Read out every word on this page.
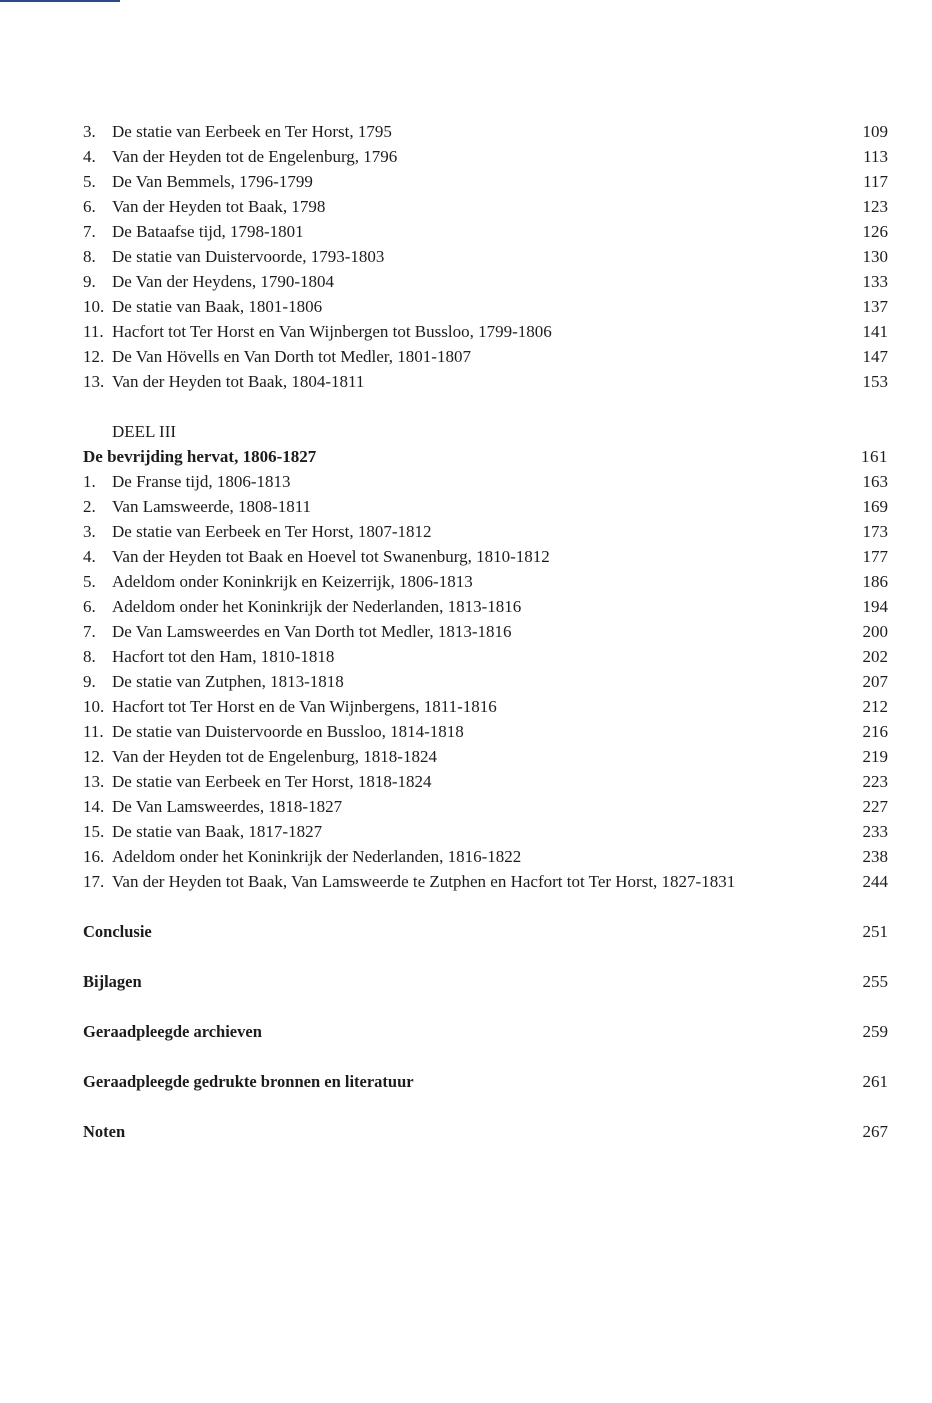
3. De statie van Eerbeek en Ter Horst, 1795	109
4. Van der Heyden tot de Engelenburg, 1796	113
5. De Van Bemmels, 1796-1799	117
6. Van der Heyden tot Baak, 1798	123
7. De Bataafse tijd, 1798-1801	126
8. De statie van Duistervoorde, 1793-1803	130
9. De Van der Heydens, 1790-1804	133
10. De statie van Baak, 1801-1806	137
11. Hacfort tot Ter Horst en Van Wijnbergen tot Bussloo, 1799-1806	141
12. De Van Hövells en Van Dorth tot Medler, 1801-1807	147
13. Van der Heyden tot Baak, 1804-1811	153
DEEL III
De bevrijding hervat, 1806-1827	161
1. De Franse tijd, 1806-1813	163
2. Van Lamsweerde, 1808-1811	169
3. De statie van Eerbeek en Ter Horst, 1807-1812	173
4. Van der Heyden tot Baak en Hoevel tot Swanenburg, 1810-1812	177
5. Adeldom onder Koninkrijk en Keizerrijk, 1806-1813	186
6. Adeldom onder het Koninkrijk der Nederlanden, 1813-1816	194
7. De Van Lamsweerdes en Van Dorth tot Medler, 1813-1816	200
8. Hacfort tot den Ham, 1810-1818	202
9. De statie van Zutphen, 1813-1818	207
10. Hacfort tot Ter Horst en de Van Wijnbergens, 1811-1816	212
11. De statie van Duistervoorde en Bussloo, 1814-1818	216
12. Van der Heyden tot de Engelenburg, 1818-1824	219
13. De statie van Eerbeek en Ter Horst, 1818-1824	223
14. De Van Lamsweerdes, 1818-1827	227
15. De statie van Baak, 1817-1827	233
16. Adeldom onder het Koninkrijk der Nederlanden, 1816-1822	238
17. Van der Heyden tot Baak, Van Lamsweerde te Zutphen en Hacfort tot Ter Horst, 1827-1831	244
Conclusie	251
Bijlagen	255
Geraadpleegde archieven	259
Geraadpleegde gedrukte bronnen en literatuur	261
Noten	267
